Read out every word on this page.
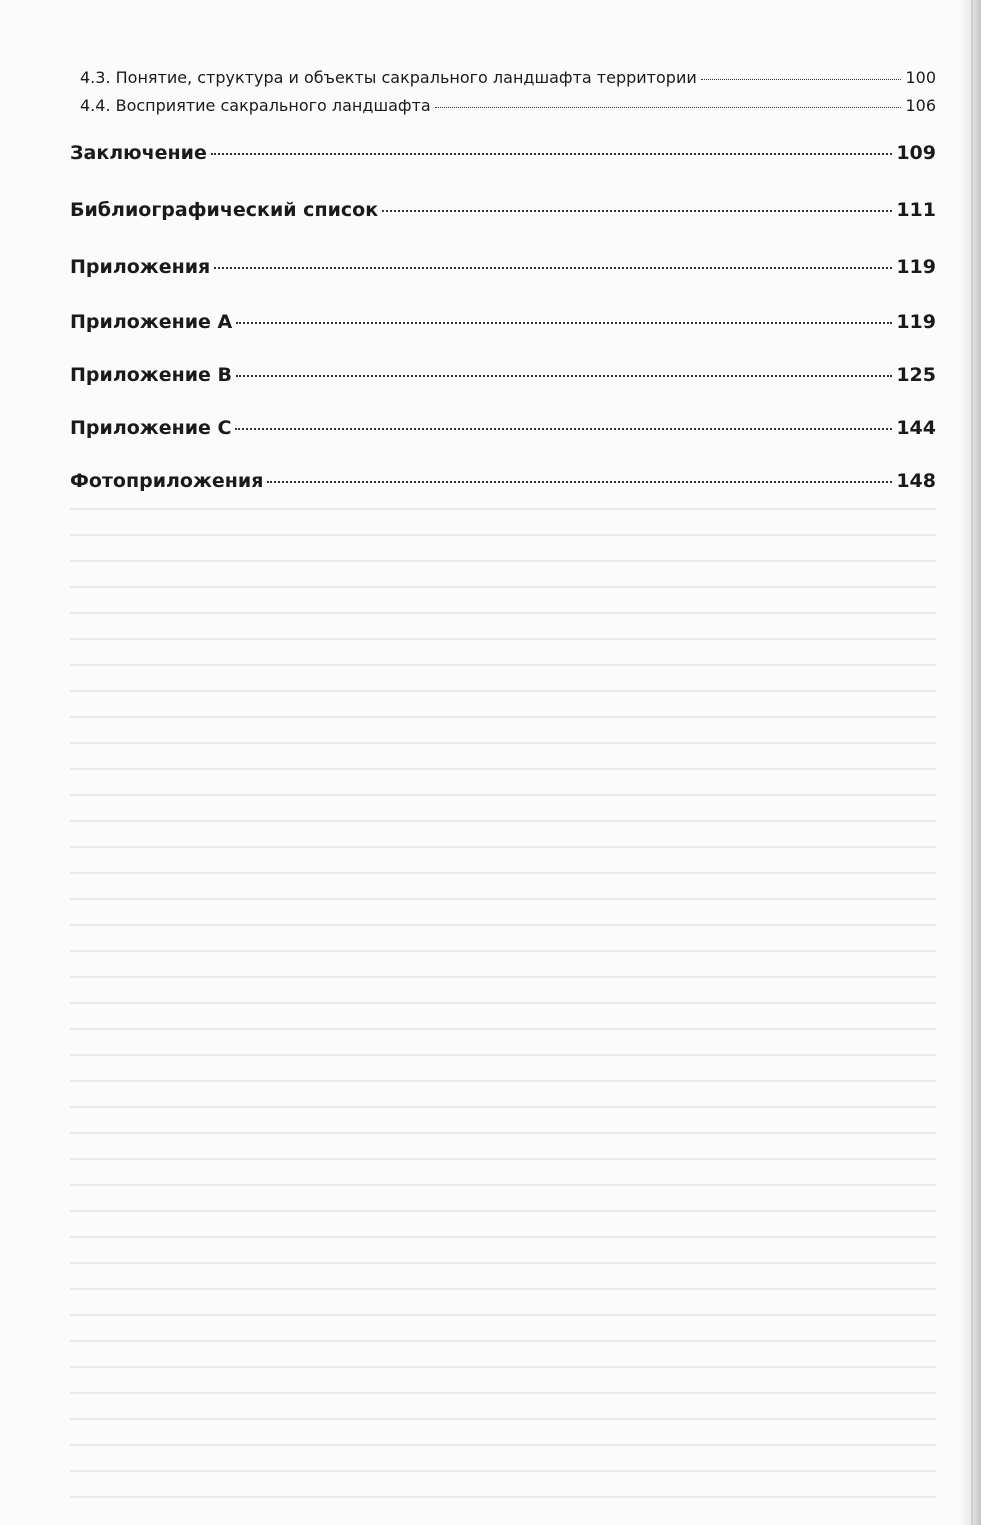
4.3. Понятие, структура и объекты сакрального ландшафта территории	100
4.4. Восприятие сакрального ландшафта	106
Заключение	109
Библиографический список	111
Приложения	119
Приложение А	119
Приложение В	125
Приложение С	144
Фотоприложения	148
